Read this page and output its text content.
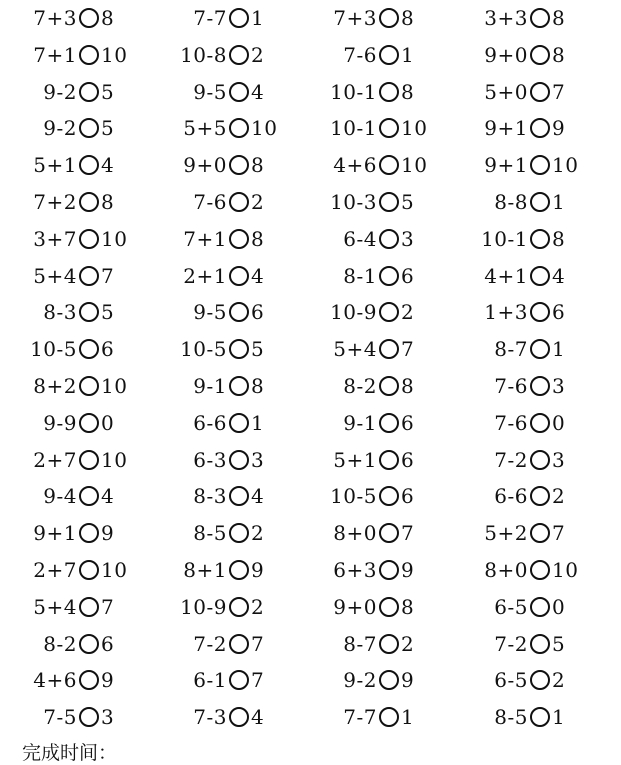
7+3 8	7-7 1	7+3 8	3+3 8
7+1 10	10-8 2	7-6 1	9+0 8
9-2 5	9-5 4	10-1 8	5+0 7
9-2 5	5+5 10	10-1 10	9+1 9
5+1 4	9+0 8	4+6 10	9+1 10
7+2 8	7-6 2	10-3 5	8-8 1
3+7 10	7+1 8	6-4 3	10-1 8
5+4 7	2+1 4	8-1 6	4+1 4
8-3 5	9-5 6	10-9 2	1+3 6
10-5 6	10-5 5	5+4 7	8-7 1
8+2 10	9-1 8	8-2 8	7-6 3
9-9 0	6-6 1	9-1 6	7-6 0
2+7 10	6-3 3	5+1 6	7-2 3
9-4 4	8-3 4	10-5 6	6-6 2
9+1 9	8-5 2	8+0 7	5+2 7
2+7 10	8+1 9	6+3 9	8+0 10
5+4 7	10-9 2	9+0 8	6-5 0
8-2 6	7-2 7	8-7 2	7-2 5
4+6 9	6-1 7	9-2 9	6-5 2
7-5 3	7-3 4	7-7 1	8-5 1
完成时间：
